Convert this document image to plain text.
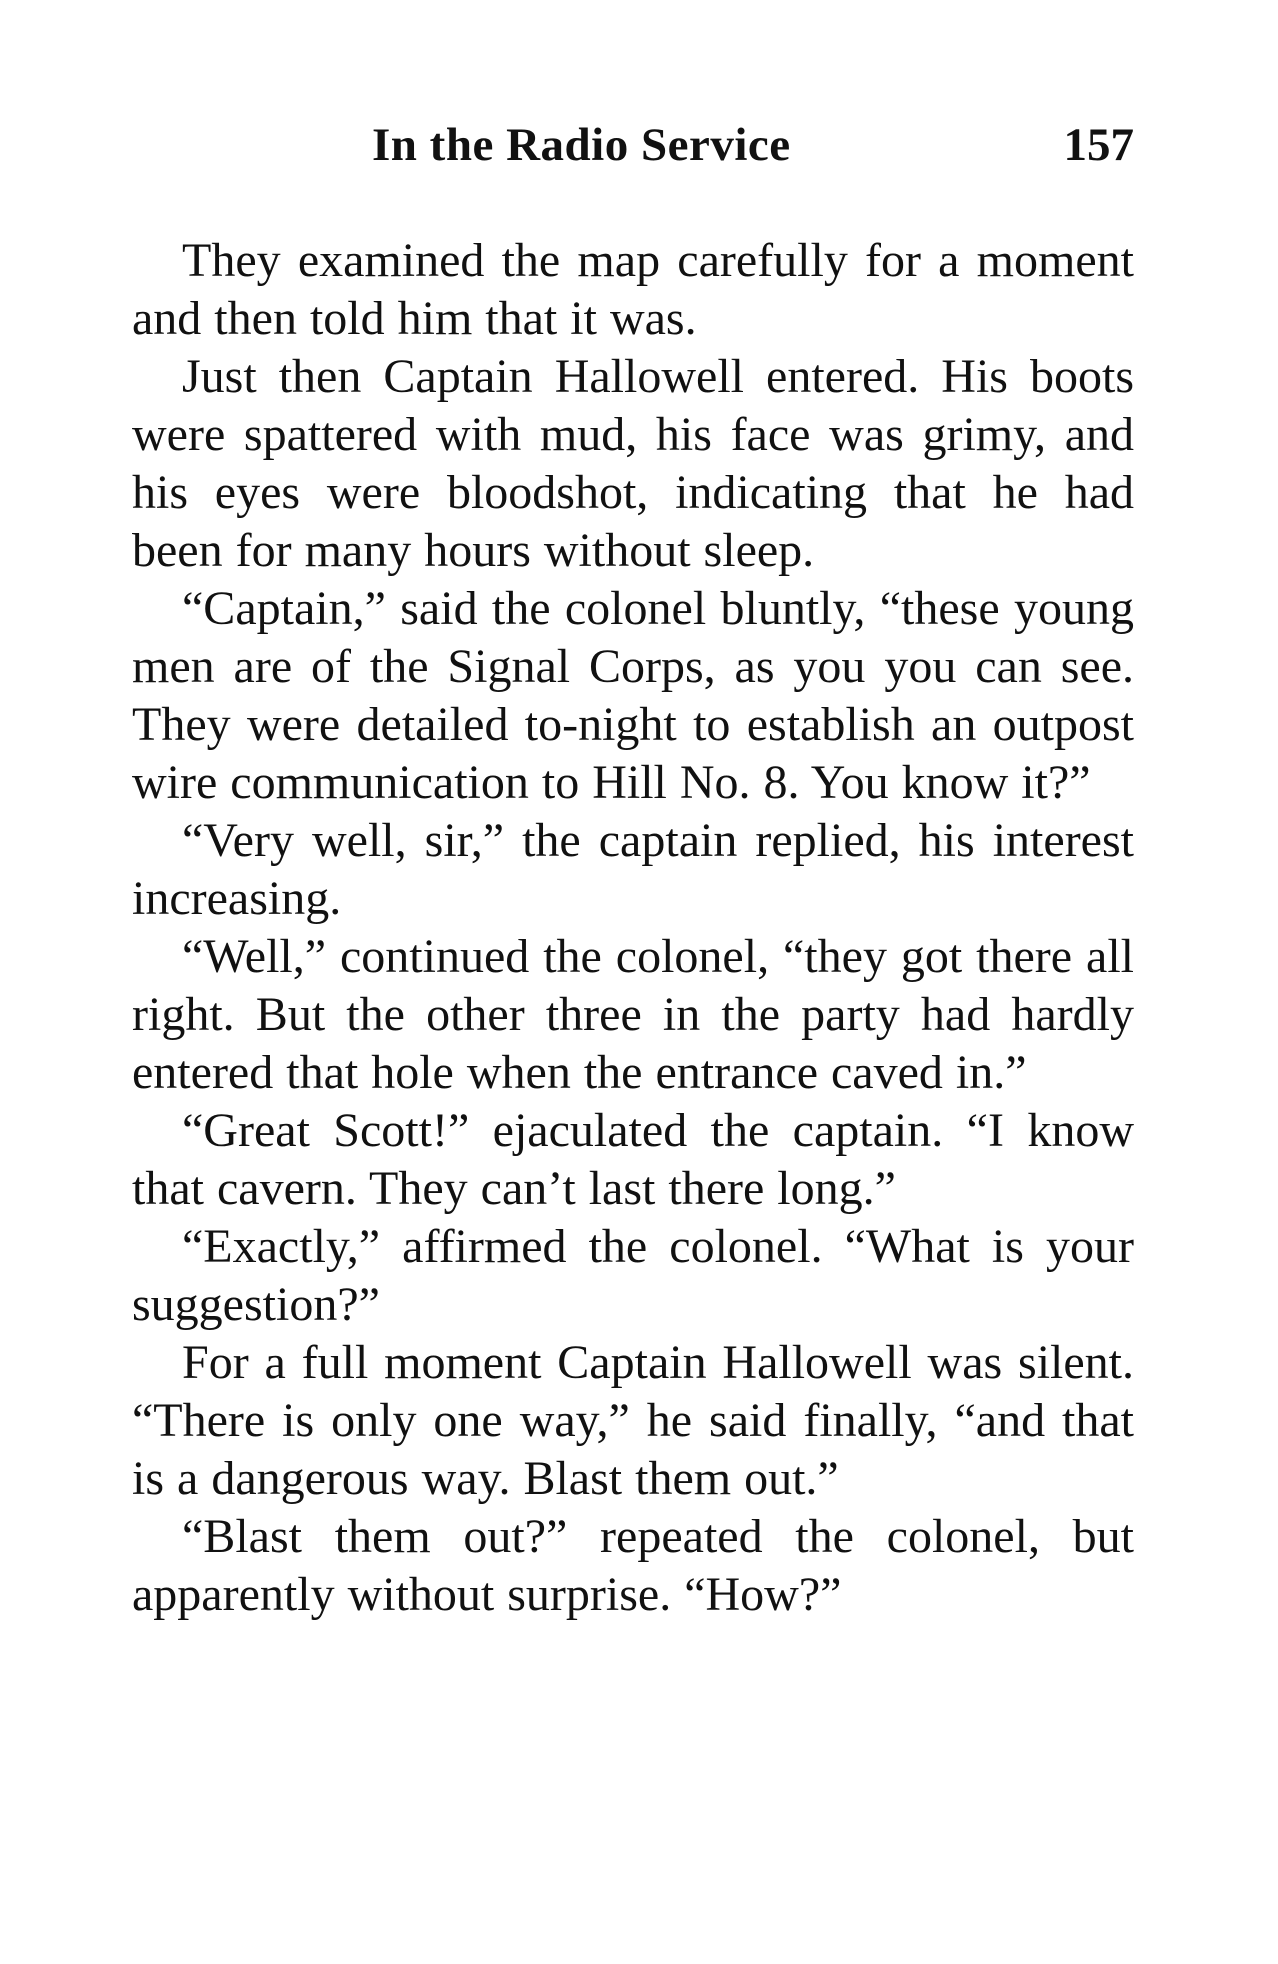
In the Radio Service	157

They examined the map carefully for a moment and then told him that it was.

Just then Captain Hallowell entered. His boots were spattered with mud, his face was grimy, and his eyes were bloodshot, indicating that he had been for many hours without sleep.

“Captain,” said the colonel bluntly, “these young men are of the Signal Corps, as you you can see. They were detailed to-night to establish an outpost wire communication to Hill No. 8. You know it?”

“Very well, sir,” the captain replied, his interest increasing.

“Well,” continued the colonel, “they got there all right. But the other three in the party had hardly entered that hole when the entrance caved in.”

“Great Scott!” ejaculated the captain. “I know that cavern. They can’t last there long.”

“Exactly,” affirmed the colonel. “What is your suggestion?”

For a full moment Captain Hallowell was silent. “There is only one way,” he said finally, “and that is a dangerous way. Blast them out.”

“Blast them out?” repeated the colonel, but apparently without surprise. “How?”
